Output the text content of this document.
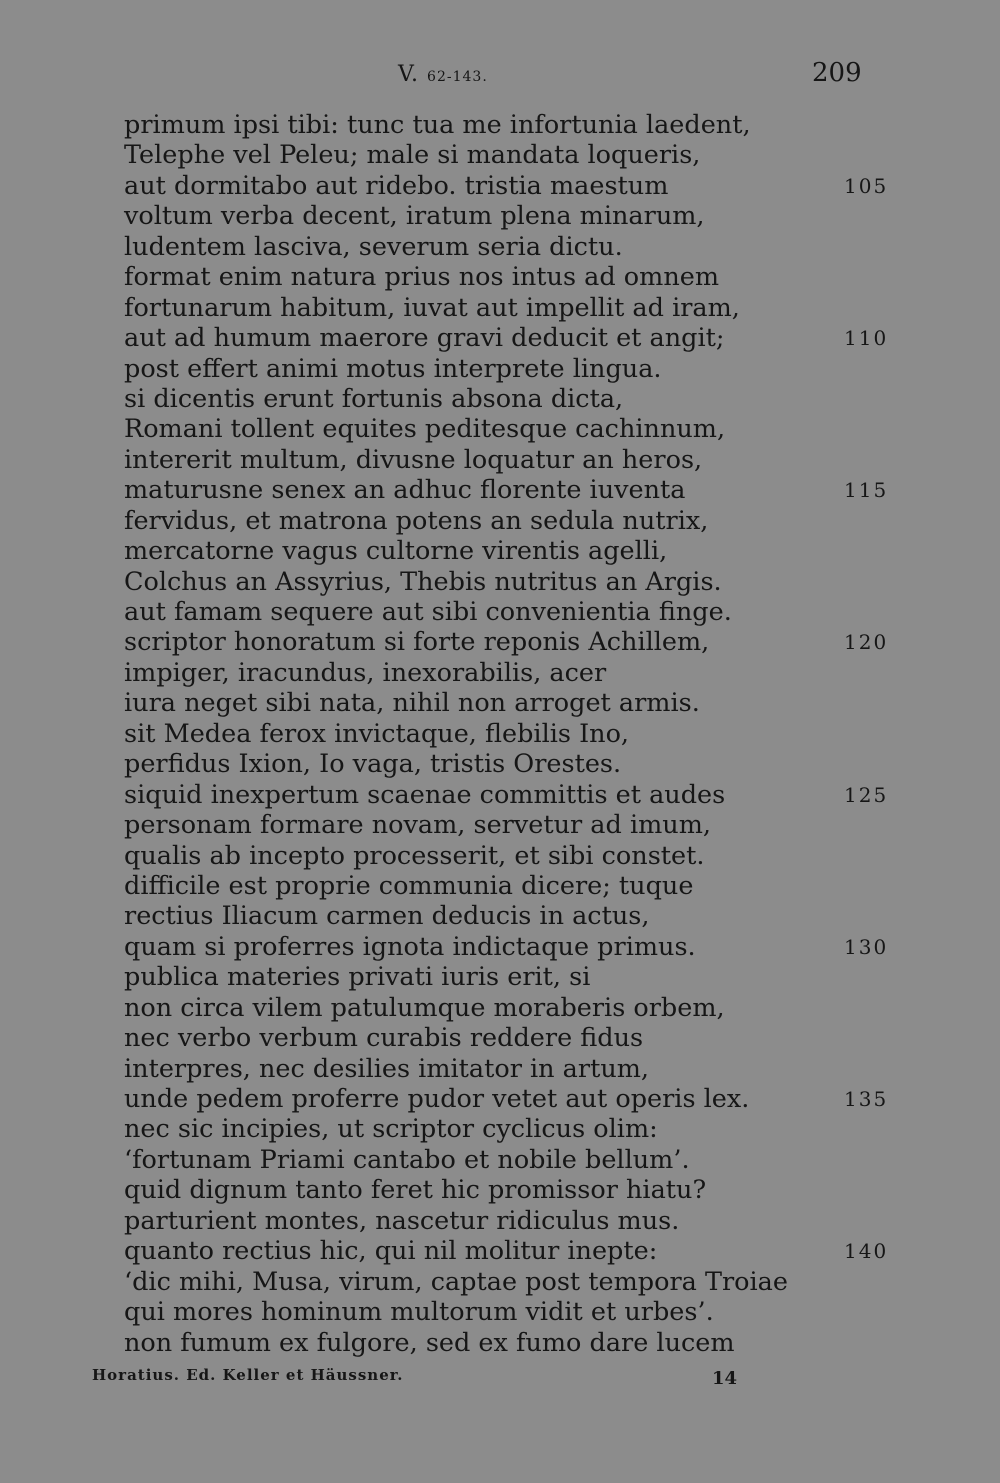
V. 62-143.	209
primum ipsi tibi: tunc tua me infortunia laedent,
Telephe vel Peleu; male si mandata loqueris,
aut dormitabo aut ridebo. tristia maestum	105
voltum verba decent, iratum plena minarum,
ludentem lasciva, severum seria dictu.
format enim natura prius nos intus ad omnem
fortunarum habitum, iuvat aut impellit ad iram,
aut ad humum maerore gravi deducit et angit;	110
post effert animi motus interprete lingua.
si dicentis erunt fortunis absona dicta,
Romani tollent equites peditesque cachinnum,
intererit multum, divusne loquatur an heros,
maturusne senex an adhuc florente iuventa	115
fervidus, et matrona potens an sedula nutrix,
mercatorne vagus cultorne virentis agelli,
Colchus an Assyrius, Thebis nutritus an Argis.
aut famam sequere aut sibi convenientia finge.
scriptor honoratum si forte reponis Achillem,	120
impiger, iracundus, inexorabilis, acer
iura neget sibi nata, nihil non arroget armis.
sit Medea ferox invictaque, flebilis Ino,
perfidus Ixion, Io vaga, tristis Orestes.
siquid inexpertum scaenae committis et audes	125
personam formare novam, servetur ad imum,
qualis ab incepto processerit, et sibi constet.
difficile est proprie communia dicere; tuque
rectius Iliacum carmen deducis in actus,
quam si proferres ignota indictaque primus.	130
publica materies privati iuris erit, si
non circa vilem patulumque moraberis orbem,
nec verbo verbum curabis reddere fidus
interpres, nec desilies imitator in artum,
unde pedem proferre pudor vetet aut operis lex.	135
nec sic incipies, ut scriptor cyclicus olim:
‘fortunam Priami cantabo et nobile bellum’.
quid dignum tanto feret hic promissor hiatu?
parturient montes, nascetur ridiculus mus.
quanto rectius hic, qui nil molitur inepte:	140
‘dic mihi, Musa, virum, captae post tempora Troiae
qui mores hominum multorum vidit et urbes’.
non fumum ex fulgore, sed ex fumo dare lucem
Horatius. Ed. Keller et Häussner.	14
